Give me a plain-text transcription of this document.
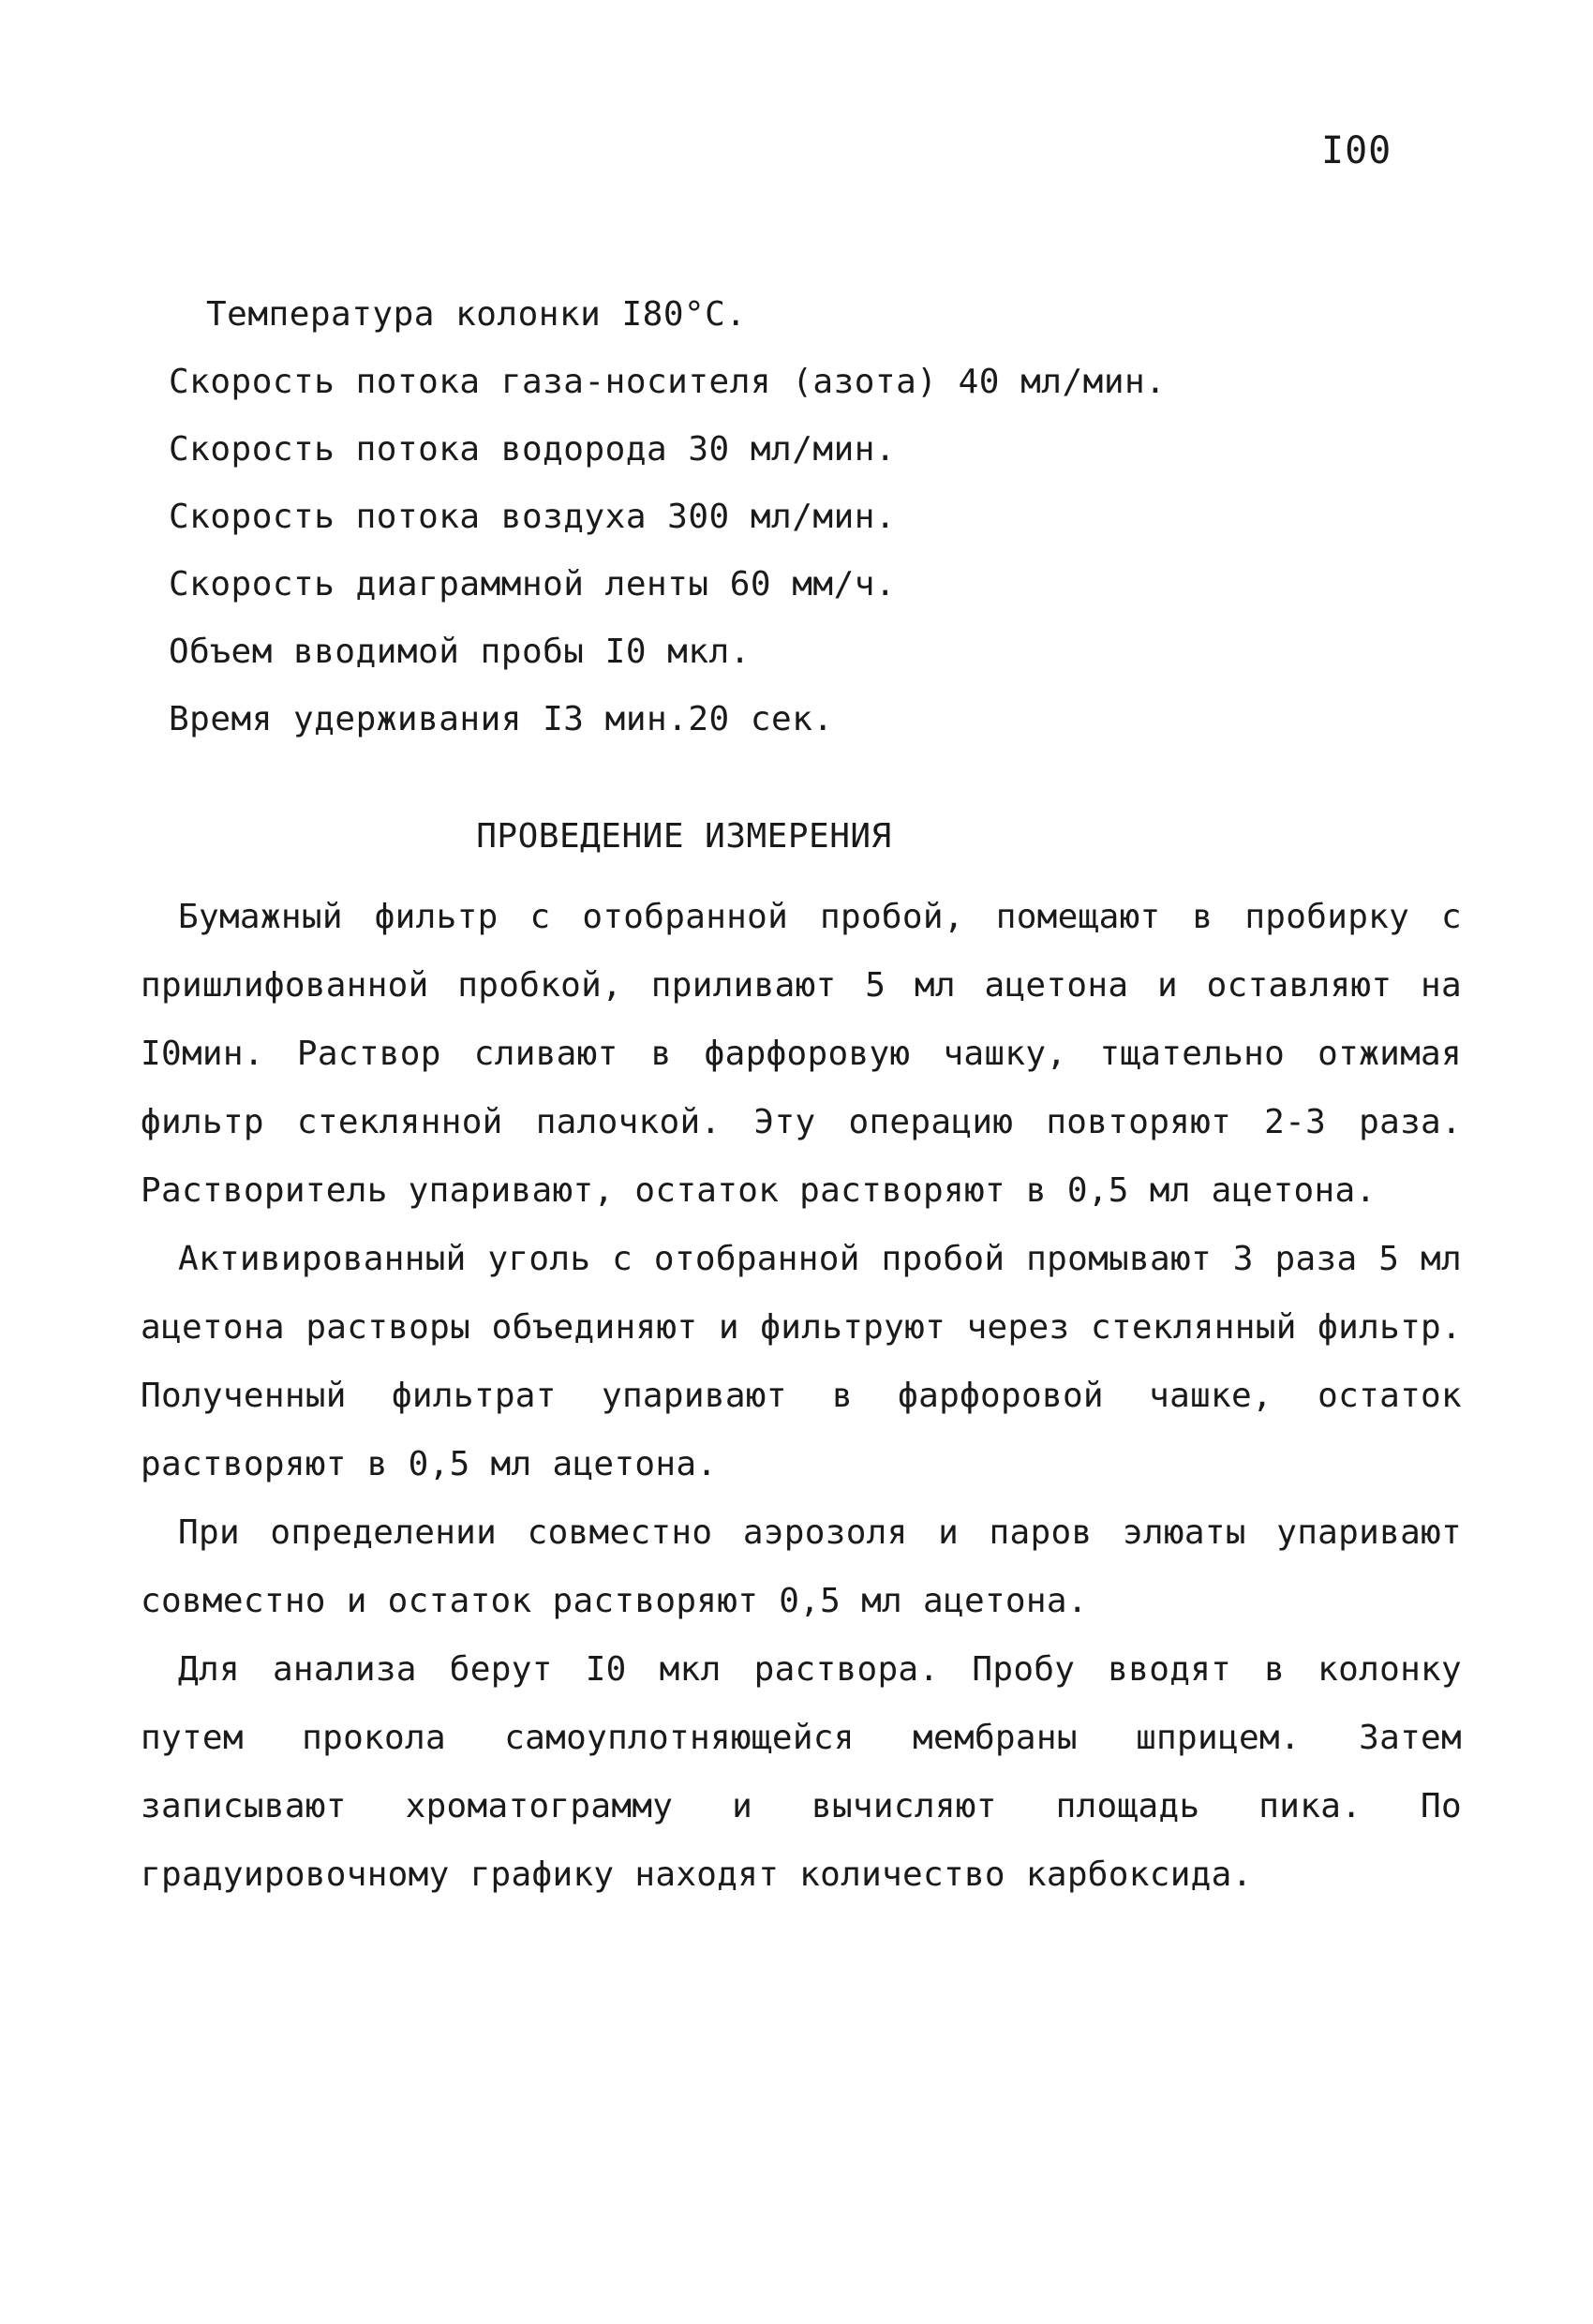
I00
Температура колонки I80°С.
Скорость потока газа-носителя (азота) 40 мл/мин.
Скорость потока водорода 30 мл/мин.
Скорость потока воздуха 300 мл/мин.
Скорость диаграммной ленты 60 мм/ч.
Объем вводимой пробы I0 мкл.
Время удерживания I3 мин.20 сек.
ПРОВЕДЕНИЕ ИЗМЕРЕНИЯ

Бумажный фильтр с отобранной пробой, помещают в пробирку с пришлифованной пробкой, приливают 5 мл ацетона и оставляют на I0мин. Раствор сливают в фарфоровую чашку, тщательно отжимая фильтр стеклянной палочкой. Эту операцию повторяют 2-3 раза. Растворитель упаривают, остаток растворяют в 0,5 мл ацетона.

Активированный уголь с отобранной пробой промывают 3 раза 5 мл ацетона растворы объединяют и фильтруют через стеклянный фильтр. Полученный фильтрат упаривают в фарфоровой чашке, остаток растворяют в 0,5 мл ацетона.

При определении совместно аэрозоля и паров элюаты упаривают совместно и остаток растворяют 0,5 мл ацетона.

Для анализа берут I0 мкл раствора. Пробу вводят в колонку путем прокола самоуплотняющейся мембраны шприцем. Затем записывают хроматограмму и вычисляют площадь пика. По градуировочному графику находят количество карбоксида.
